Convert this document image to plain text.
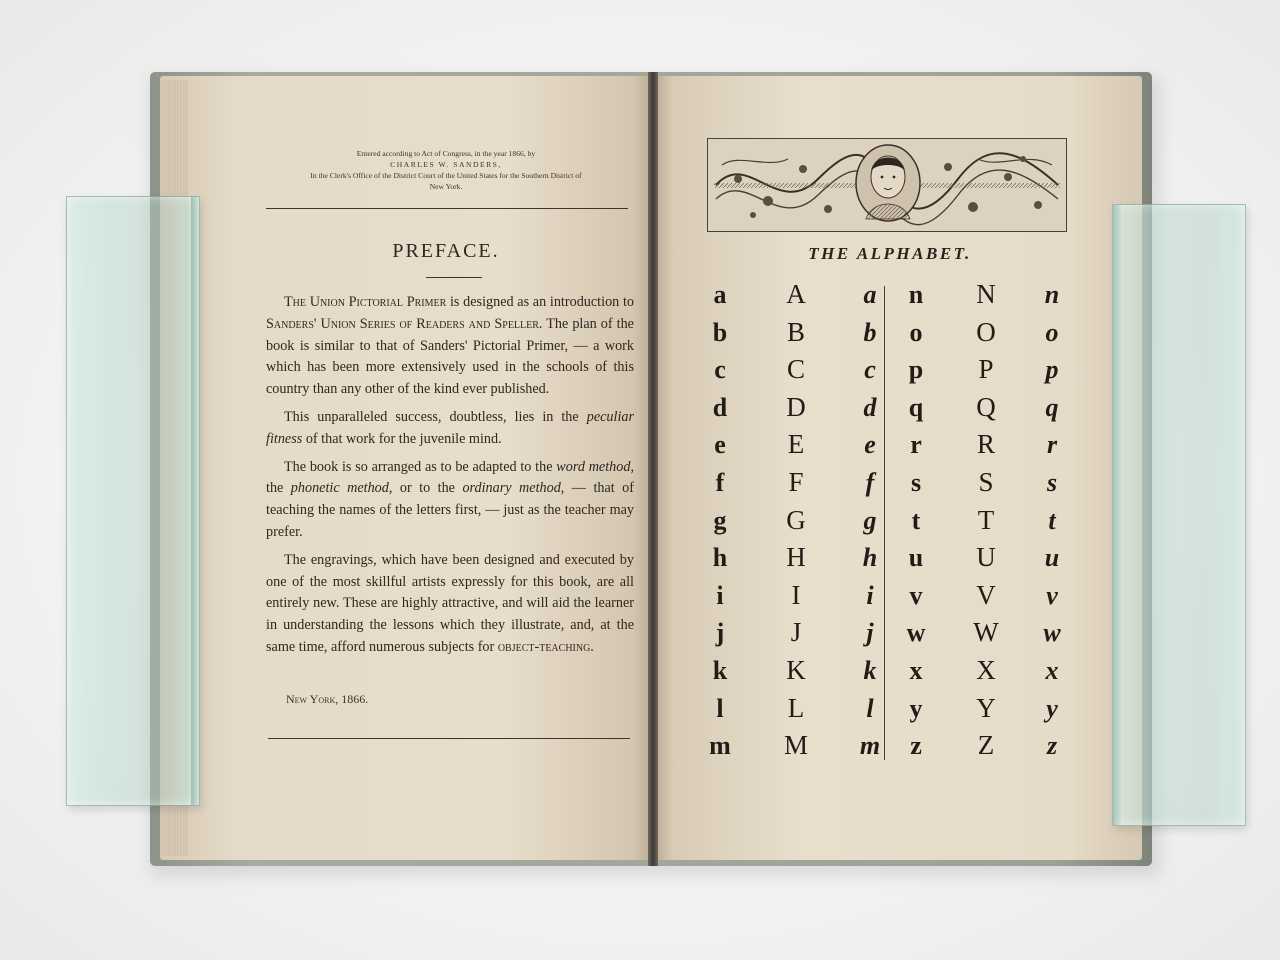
Entered according to Act of Congress, in the year 1866, by
CHARLES W. SANDERS,
In the Clerk's Office of the District Court of the United States for the Southern District of
New York.
PREFACE.

The Union Pictorial Primer is designed as an introduction to Sanders' Union Series of Readers and Speller. The plan of the book is similar to that of Sanders' Pictorial Primer, — a work which has been more extensively used in the schools of this country than any other of the kind ever published.

This unparalleled success, doubtless, lies in the peculiar fitness of that work for the juvenile mind.

The book is so arranged as to be adapted to the word method, the phonetic method, or to the ordinary method, — that of teaching the names of the letters first, — just as the teacher may prefer.

The engravings, which have been designed and executed by one of the most skillful artists expressly for this book, are all entirely new. These are highly attractive, and will aid the learner in understanding the lessons which they illustrate, and, at the same time, afford numerous subjects for object-teaching.

New York, 1866.
THE ALPHABET.
a
b
c
d
e
f
g
h
i
j
k
l
m
A
B
C
D
E
F
G
H
I
J
K
L
M
a
b
c
d
e
f
g
h
i
j
k
l
m
n
o
p
q
r
s
t
u
v
w
x
y
z
N
O
P
Q
R
S
T
U
V
W
X
Y
Z
n
o
p
q
r
s
t
u
v
w
x
y
z
